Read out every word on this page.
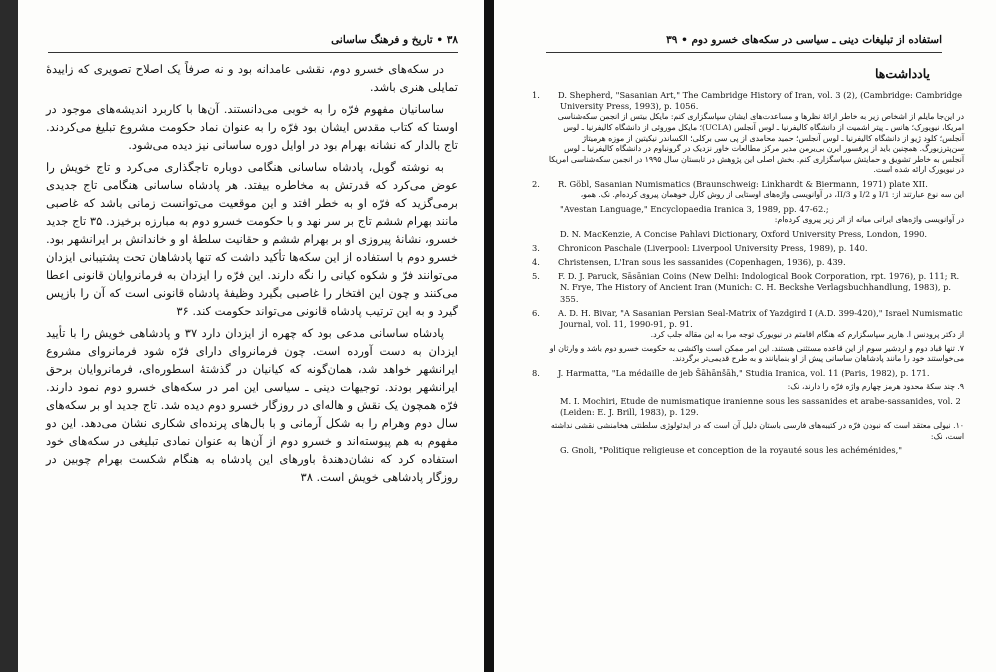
۳۸ • تاریخ و فرهنگ ساسانی

در سکه‌های خسرو دوم، نقشی عامدانه بود و نه صرفاً یک اصلاح تصویری که زاییدهٔ تمایلی هنری باشد.

ساسانیان مفهوم فرّه را به خوبی می‌دانستند. آن‌ها با کاربرد اندیشه‌های موجود در اوستا که کتاب مقدس ایشان بود فرّه را به عنوان نماد حکومت مشروع تبلیغ می‌کردند. تاج بالدار که نشانه بهرام بود در اوایل دوره ساسانی نیز دیده می‌شود.

به نوشته گوبل، پادشاه ساسانی هنگامی دوباره تاجگذاری می‌کرد و تاج خویش را عوض می‌کرد که قدرتش به مخاطره بیفتد. هر پادشاه ساسانی هنگامی تاج جدیدی برمی‌گزید که فرّه او به خطر افتد و این موقعیت می‌توانست زمانی باشد که غاصبی مانند بهرام ششم تاج بر سر نهد و با حکومت خسرو دوم به مبارزه برخیزد. ۳۵ تاج جدید خسرو، نشانهٔ پیروزی او بر بهرام ششم و حقانیت سلطهٔ او و خاندانش بر ایرانشهر بود. خسرو دوم با استفاده از این سکه‌ها تأکید داشت که تنها پادشاهان تحت پشتیبانی ایزدان می‌توانند فرّ و شکوه کیانی را نگه دارند. این فرّه را ایزدان به فرمانروایان قانونی اعطا می‌کنند و چون این افتخار را غاصبی بگیرد وظیفهٔ پادشاه قانونی است که آن را بازپس گیرد و به این ترتیب پادشاه قانونی می‌تواند حکومت کند. ۳۶

پادشاه ساسانی مدعی بود که چهره از ایزدان دارد ۳۷ و پادشاهی خویش را با تأیید ایزدان به دست آورده است. چون فرمانروای دارای فرّه شود فرمانروای مشروع ایرانشهر خواهد شد، همان‌گونه که کیانیان در گذشتهٔ اسطوره‌ای، فرمانروایان برحق ایرانشهر بودند. توجیهات دینی ـ سیاسی این امر در سکه‌های خسرو دوم نمود دارند. فرّه همچون یک نقش و هاله‌ای در روزگار خسرو دوم دیده شد. تاج جدید او بر سکه‌های سال دوم وهرام را به شکل آرمانی و با بال‌های پرنده‌ای شکاری نشان می‌دهد. این دو مفهوم به هم پیوسته‌اند و خسرو دوم از آن‌ها به عنوان نمادی تبلیغی در سکه‌های خود استفاده کرد که نشان‌دهندهٔ باورهای این پادشاه به هنگام شکست بهرام چوبین در روزگار پادشاهی خویش است. ۳۸

استفاده از تبلیغات دینی ـ سیاسی در سکه‌های خسرو دوم • ۳۹
یادداشت‌ها
1. D. Shepherd, "Sasanian Art," The Cambridge History of Iran, vol. 3 (2), (Cambridge: Cambridge University Press, 1993), p. 1056.
در این‌جا مایلم از اشخاص زیر به خاطر ارائهٔ نظرها و مساعدت‌های ایشان سپاسگزاری کنم: مایکل بیتس از انجمن سکه‌شناسی امریکا، نیویورک؛ هانس ـ پیتر اشمیت از دانشگاه کالیفرنیا ـ لوس آنجلس (UCLA)؛ مایکل موروئی از دانشگاه کالیفرنیا ـ لوس آنجلس؛ کلود ژیو از دانشگاه کالیفرنیا ـ لوس آنجلس؛ حمید محامدی از پی سی برکلی؛ الکساندر نیکیتین از موزه هرمیتاژ سن‌پترزبورگ. همچنین باید از پرفسور ایرن بی‌یرمن مدیر مرکز مطالعات خاور نزدیک در گرونباوم در دانشگاه کالیفرنیا ـ لوس آنجلس به خاطر تشویق و حمایتش سپاسگزاری کنم. بخش اصلی این پژوهش در تابستان سال ۱۹۹۵ در انجمن سکه‌شناسی امریکا در نیویورک ارائه شده است.
2. R. Göbl, Sasanian Numismatics (Braunschweig: Linkhardt & Biermann, 1971) plate XII.
این سه نوع عبارتند از: I/1 و I/2 و II/3، در آوانویسی واژه‌های اوستایی از روش کارل خوهمان پیروی کرده‌ام. نک. همو،
"Avestan Language," Encyclopaedia Iranica 3, 1989, pp. 47-62.;
در آوانویسی واژه‌های ایرانی میانه از اثر زیر پیروی کرده‌ام:
D. N. MacKenzie, A Concise Pahlavi Dictionary, Oxford University Press, London, 1990.
3. Chronicon Paschale (Liverpool: Liverpool University Press, 1989), p. 140.
4. Christensen, L'Iran sous les sassanides (Copenhagen, 1936), p. 439.
5. F. D. J. Paruck, Sāsānian Coins (New Delhi: Indological Book Corporation, rpt. 1976), p. 111; R. N. Frye, The History of Ancient Iran (Munich: C. H. Beckshe Verlagsbuchhandlung, 1983), p. 355.
6. A. D. H. Bivar, "A Sasanian Persian Seal-Matrix of Yazdgird I (A.D. 399-420)," Israel Numismatic Journal, vol. 11, 1990-91, p. 91.
از دکتر پرودنس ا. هارپر سپاسگزارم که هنگام اقامتم در نیویورک توجه مرا به این مقاله جلب کرد.
۷. تنها قباد دوم و اردشیر سوم از این قاعده مستثنی هستند. این امر ممکن است واکنشی به حکومت خسرو دوم باشد و وارثان او می‌خواستند خود را مانند پادشاهان ساسانی پیش از او بنمایانند و به طرح قدیمی‌تر برگردند.
8. J. Harmatta, "La médaille de jeb Šāhānšāh," Studia Iranica, vol. 11 (Paris, 1982), p. 171.
۹. چند سکهٔ محدود هرمز چهارم واژه فرّه را دارند، نک:
M. I. Mochiri, Etude de numismatique iranienne sous les sassanides et arabe-sassanides, vol. 2 (Leiden: E. J. Brill, 1983), p. 129.
۱۰. نیولی معتقد است که نبودن فرّه در کتیبه‌های فارسی باستان دلیل آن است که در ایدئولوژی سلطنتی هخامنشی نقشی نداشته است، نک:
G. Gnoli, "Politique religieuse et conception de la royauté sous les achéménides,"
